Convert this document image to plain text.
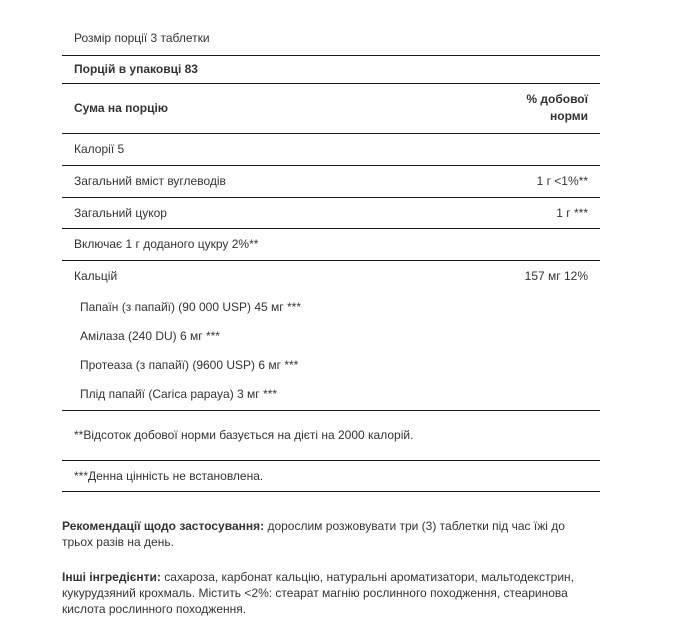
Розмір порції 3 таблетки	
Порцій в упаковці 83	
Сума на порцію	% добової норми

Калорії 5	
Загальний вміст вуглеводів	1 г <1%**
Загальний цукор	1 г ***
Включає 1 г доданого цукру 2%**	
Кальцій	157 мг 12%
Папаїн (з папайї) (90 000 USP) 45 мг ***	
Амілаза (240 DU) 6 мг ***	
Протеаза (з папайї) (9600 USP) 6 мг ***	
Плід папайї (Carica papaya) 3 мг ***	

**Відсоток добової норми базується на дієті на 2000 калорій.	

***Денна цінність не встановлена.	

Рекомендації щодо застосування: дорослим розжовувати три (3) таблетки під час їжі до трьох разів на день.

Інші інгредієнти: сахароза, карбонат кальцію, натуральні ароматизатори, мальтодекстрин, кукурудзяний крохмаль. Містить <2%: стеарат магнію рослинного походження, стеаринова кислота рослинного походження.
